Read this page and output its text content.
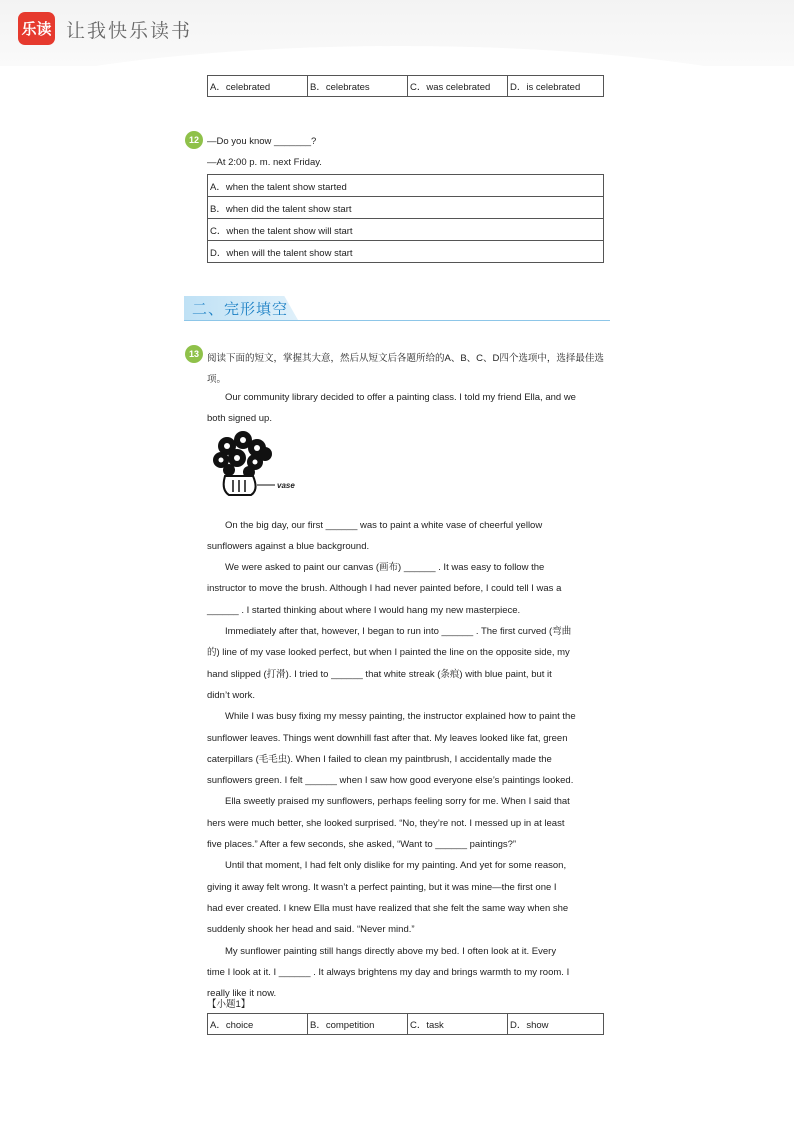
乐读 让我快乐读书
A．celebrated	B．celebrates	C．was celebrated	D．is celebrated
12 —Do you know _______?
—At 2:00 p. m. next Friday.
A．when the talent show started
B．when did the talent show start
C．when the talent show will start
D．when will the talent show start
二、完形填空
13 阅读下面的短文，掌握其大意，然后从短文后各题所给的A、B、C、D四个选项中，选择最佳选
项。
Our community library decided to offer a painting class. I told my friend Ella, and we
both signed up.
On the big day, our first ______ was to paint a white vase of cheerful yellow
sunflowers against a blue background.
We were asked to paint our canvas (画布) ______ . It was easy to follow the
instructor to move the brush. Although I had never painted before, I could tell I was a
______ . I started thinking about where I would hang my new masterpiece.
Immediately after that, however, I began to run into ______ . The first curved (弯曲
的) line of my vase looked perfect, but when I painted the line on the opposite side, my
hand slipped (打滑). I tried to ______ that white streak (条痕) with blue paint, but it
didn’t work.
While I was busy fixing my messy painting, the instructor explained how to paint the
sunflower leaves. Things went downhill fast after that. My leaves looked like fat, green
caterpillars (毛毛虫). When I failed to clean my paintbrush, I accidentally made the
sunflowers green. I felt ______ when I saw how good everyone else’s paintings looked.
Ella sweetly praised my sunflowers, perhaps feeling sorry for me. When I said that
hers were much better, she looked surprised. “No, they’re not. I messed up in at least
five places.” After a few seconds, she asked, “Want to ______ paintings?”
Until that moment, I had felt only dislike for my painting. And yet for some reason,
giving it away felt wrong. It wasn’t a perfect painting, but it was mine—the first one I
had ever created. I knew Ella must have realized that she felt the same way when she
suddenly shook her head and said. “Never mind.”
My sunflower painting still hangs directly above my bed. I often look at it. Every
time I look at it. I ______ . It always brightens my day and brings warmth to my room. I
really like it now.
vase
【小题1】
A．choice	B．competition	C．task	D．show
